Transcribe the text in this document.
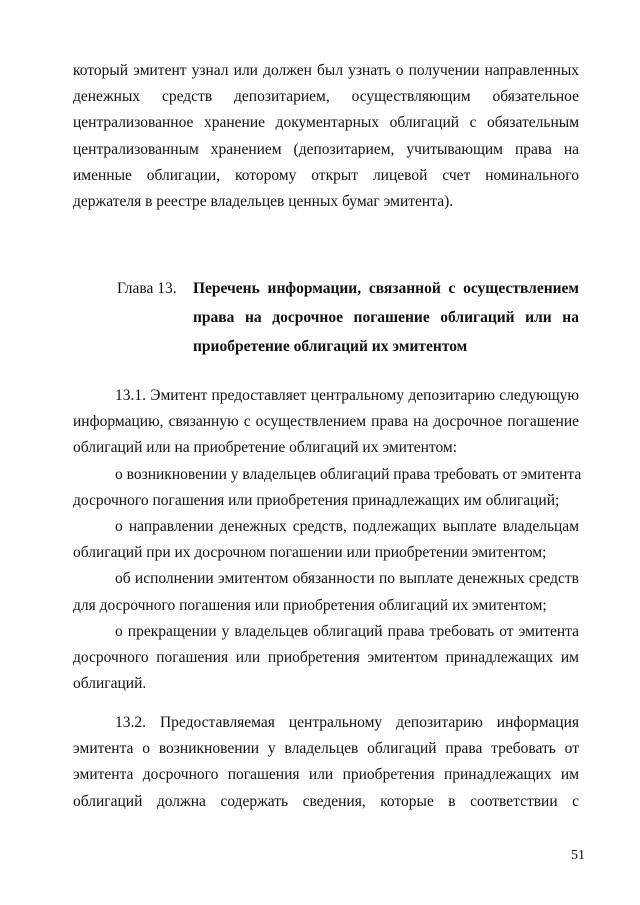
который эмитент узнал или должен был узнать о получении направленных
денежных средств депозитарием, осуществляющим обязательное
централизованное хранение документарных облигаций с обязательным
централизованным хранением (депозитарием, учитывающим права на
именные облигации, которому открыт лицевой счет номинального
держателя в реестре владельцев ценных бумаг эмитента).
Глава 13.	Перечень информации, связанной с осуществлением
права на досрочное погашение облигаций или на
приобретение облигаций их эмитентом
13.1. Эмитент предоставляет центральному депозитарию следующую
информацию, связанную с осуществлением права на досрочное погашение
облигаций или на приобретение облигаций их эмитентом:
о возникновении у владельцев облигаций права требовать от эмитента
досрочного погашения или приобретения принадлежащих им облигаций;
о направлении денежных средств, подлежащих выплате владельцам
облигаций при их досрочном погашении или приобретении эмитентом;
об исполнении эмитентом обязанности по выплате денежных средств
для досрочного погашения или приобретения облигаций их эмитентом;
о прекращении у владельцев облигаций права требовать от эмитента
досрочного погашения или приобретения эмитентом принадлежащих им
облигаций.
13.2. Предоставляемая центральному депозитарию информация
эмитента о возникновении у владельцев облигаций права требовать от
эмитента досрочного погашения или приобретения принадлежащих им
облигаций должна содержать сведения, которые в соответствии с
51
